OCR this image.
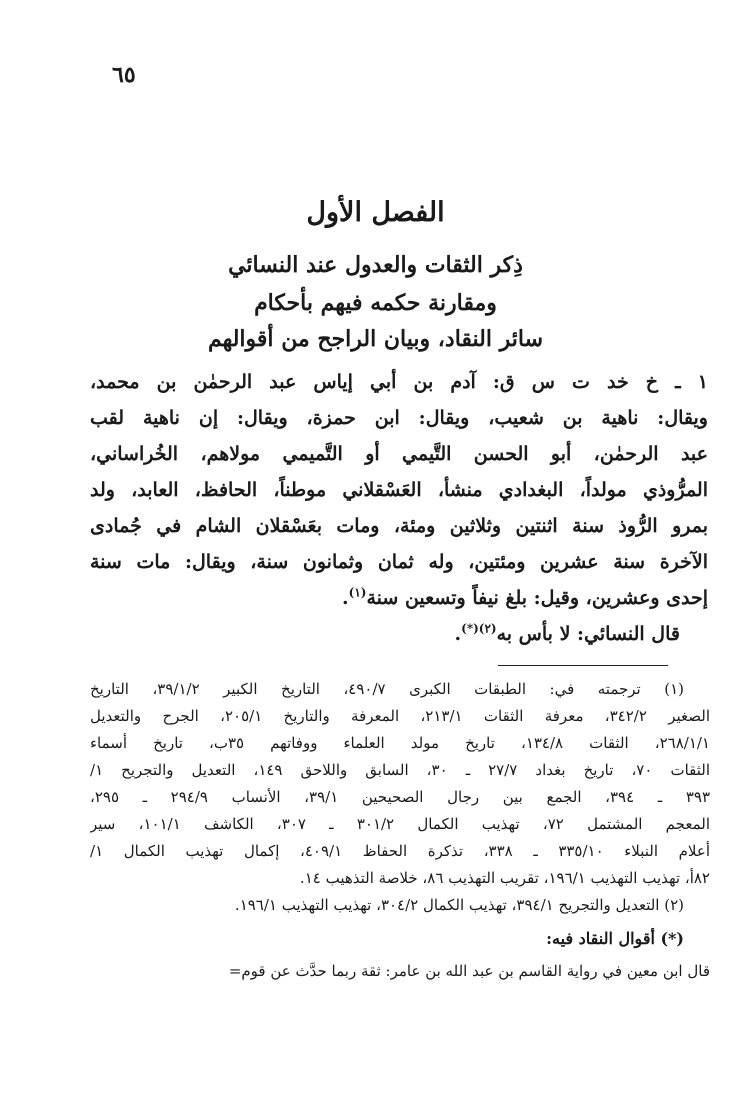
٦٥
الفصل الأول
ذِكر الثقات والعدول عند النسائي
ومقارنة حكمه فيهم بأحكام
سائر النقاد، وبيان الراجح من أقوالهم
١ ـ خ خد ت س ق: آدم بن أبي إياس عبد الرحمٰن بن محمد،
ويقال: ناهية بن شعيب، ويقال: ابن حمزة، ويقال: إن ناهية لقب
عبد الرحمٰن، أبو الحسن التَّيمي أو التَّميمي مولاهم، الخُراساني،
المرُّوذي مولداً، البغدادي منشأ، العَسْقلاني موطناً، الحافظ، العابد، ولد
بمرو الرُّوذ سنة اثنتين وثلاثين ومئة، ومات بعَسْقلان الشام في جُمادى
الآخرة سنة عشرين ومئتين، وله ثمان وثمانون سنة، ويقال: مات سنة
إحدى وعشرين، وقيل: بلغ نيفاً وتسعين سنة$^{(١)}$.
قال النسائي: لا بأس به$^{(٢)(*)}$.
(١) ترجمته في: الطبقات الكبرى ٤٩٠/٧، التاريخ الكبير ٣٩/١/٢، التاريخ
الصغير ٣٤٢/٢، معرفة الثقات ٢١٣/١، المعرفة والتاريخ ٢٠٥/١، الجرح والتعديل
٢٦٨/١/١، الثقات ١٣٤/٨، تاريخ مولد العلماء ووفاتهم ٣٥ب، تاريخ أسماء
الثقات ٧٠، تاريخ بغداد ٢٧/٧ ـ ٣٠، السابق واللاحق ١٤٩، التعديل والتجريح ١/
٣٩٣ ـ ٣٩٤، الجمع بين رجال الصحيحين ٣٩/١، الأنساب ٢٩٤/٩ ـ ٢٩٥،
المعجم المشتمل ٧٢، تهذيب الكمال ٣٠١/٢ ـ ٣٠٧، الكاشف ١٠١/١، سير
أعلام النبلاء ٣٣٥/١٠ ـ ٣٣٨، تذكرة الحفاظ ٤٠٩/١، إكمال تهذيب الكمال ١/
٨٢أ، تهذيب التهذيب ١٩٦/١، تقريب التهذيب ٨٦، خلاصة التذهيب ١٤.
(٢) التعديل والتجريح ٣٩٤/١، تهذيب الكمال ٣٠٤/٢، تهذيب التهذيب ١٩٦/١.
(*) أقوال النقاد فيه:
قال ابن معين في رواية القاسم بن عبد الله بن عامر: ثقة ربما حدَّث عن قوم=
